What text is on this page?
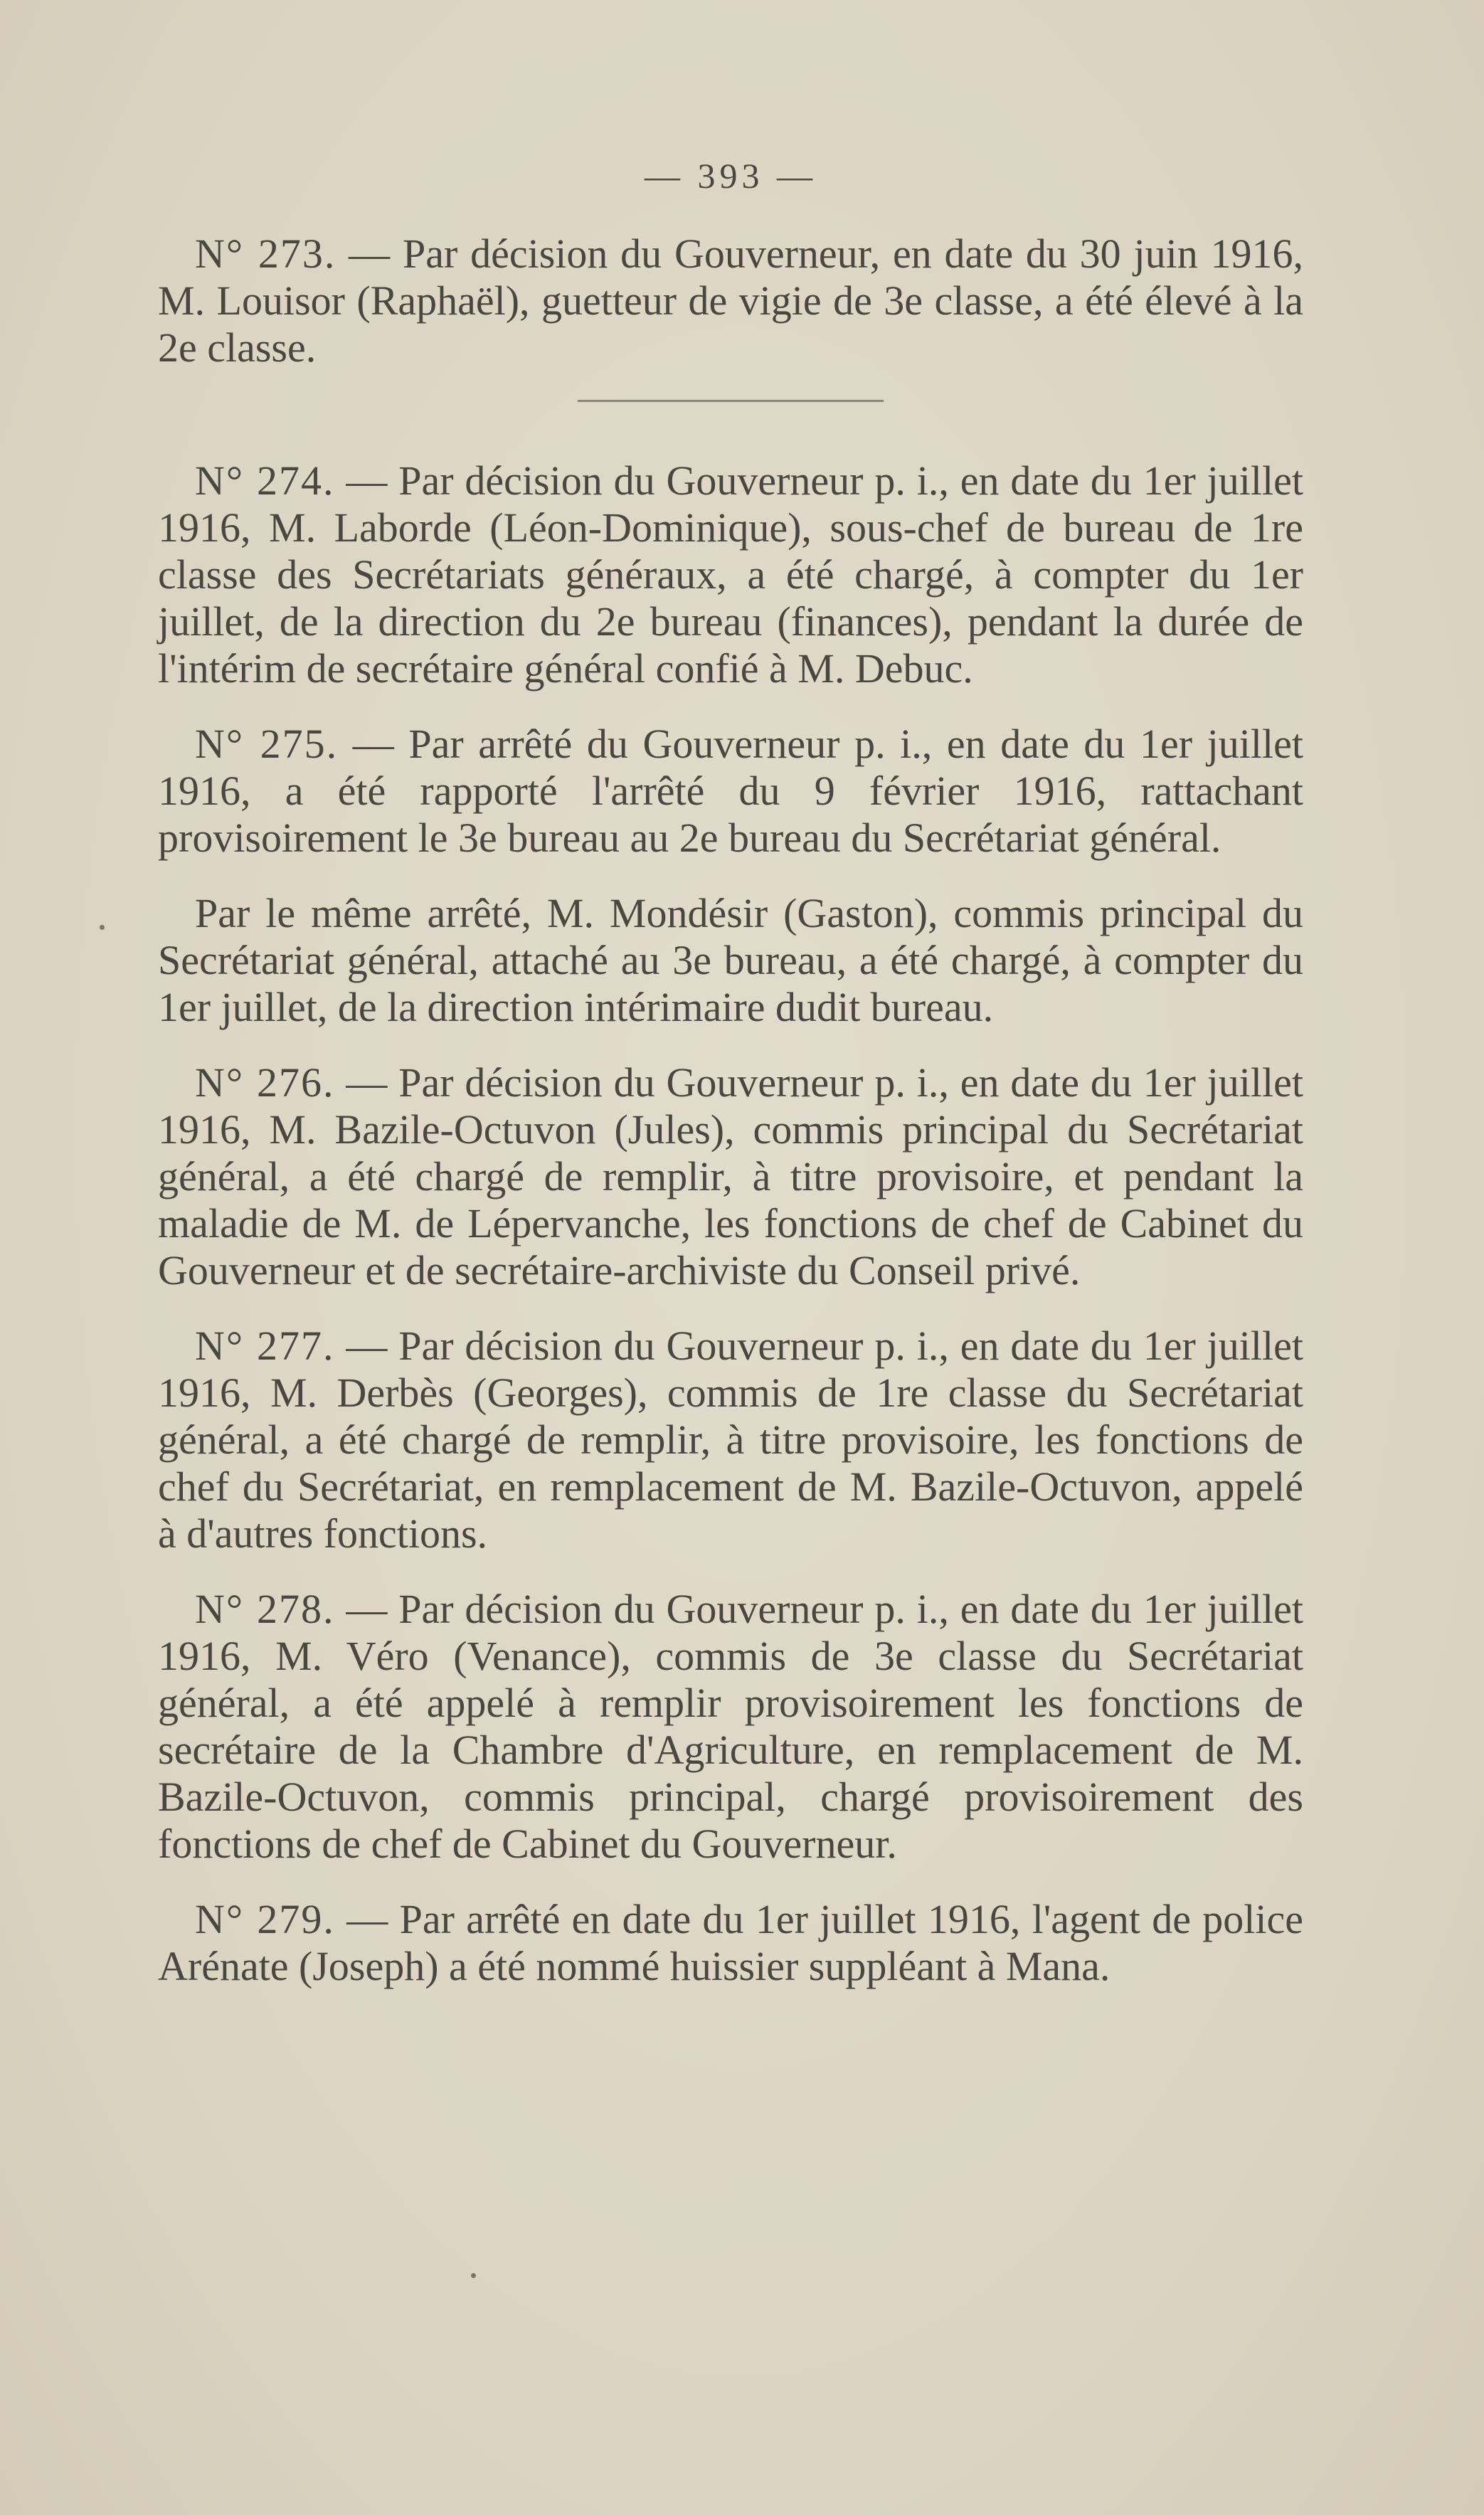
— 393 —

N° 273. — Par décision du Gouverneur, en date du 30 juin 1916, M. Louisor (Raphaël), guetteur de vigie de 3e classe, a été élevé à la 2e classe.

N° 274. — Par décision du Gouverneur p. i., en date du 1er juillet 1916, M. Laborde (Léon-Dominique), sous-chef de bureau de 1re classe des Secrétariats généraux, a été chargé, à compter du 1er juillet, de la direction du 2e bureau (finances), pendant la durée de l'intérim de secrétaire général confié à M. Debuc.

N° 275. — Par arrêté du Gouverneur p. i., en date du 1er juillet 1916, a été rapporté l'arrêté du 9 février 1916, rattachant provisoirement le 3e bureau au 2e bureau du Secrétariat général.

Par le même arrêté, M. Mondésir (Gaston), commis principal du Secrétariat général, attaché au 3e bureau, a été chargé, à compter du 1er juillet, de la direction intérimaire dudit bureau.

N° 276. — Par décision du Gouverneur p. i., en date du 1er juillet 1916, M. Bazile-Octuvon (Jules), commis principal du Secrétariat général, a été chargé de remplir, à titre provisoire, et pendant la maladie de M. de Lépervanche, les fonctions de chef de Cabinet du Gouverneur et de secrétaire-archiviste du Conseil privé.

N° 277. — Par décision du Gouverneur p. i., en date du 1er juillet 1916, M. Derbès (Georges), commis de 1re classe du Secrétariat général, a été chargé de remplir, à titre provisoire, les fonctions de chef du Secrétariat, en remplacement de M. Bazile-Octuvon, appelé à d'autres fonctions.

N° 278. — Par décision du Gouverneur p. i., en date du 1er juillet 1916, M. Véro (Venance), commis de 3e classe du Secrétariat général, a été appelé à remplir provisoirement les fonctions de secrétaire de la Chambre d'Agriculture, en remplacement de M. Bazile-Octuvon, commis principal, chargé provisoirement des fonctions de chef de Cabinet du Gouverneur.

N° 279. — Par arrêté en date du 1er juillet 1916, l'agent de police Arénate (Joseph) a été nommé huissier suppléant à Mana.
